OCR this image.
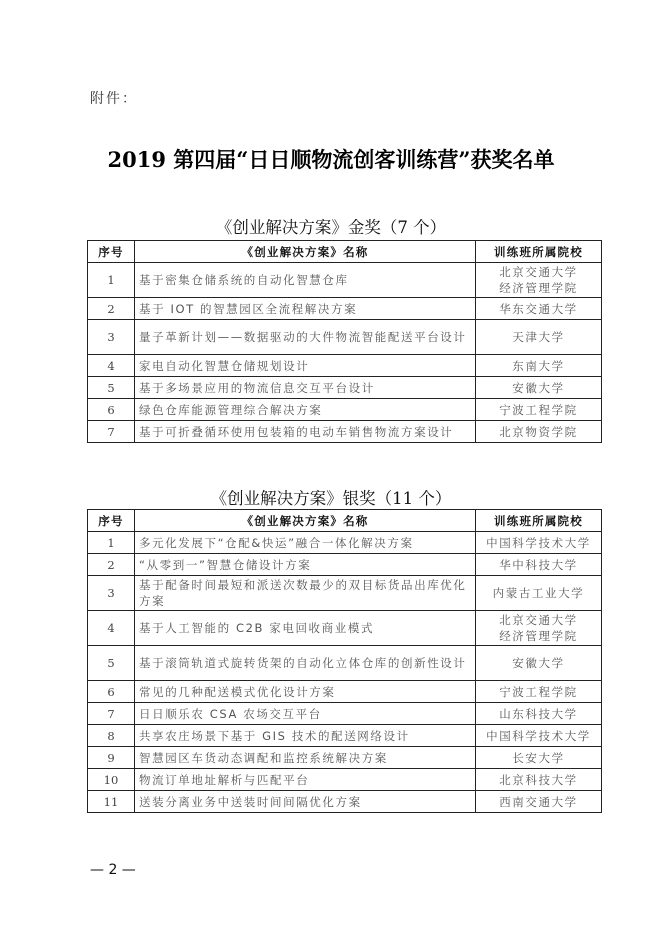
附件：
2019 第四届“日日顺物流创客训练营”获奖名单
《创业解决方案》金奖（7 个）
序号	《创业解决方案》名称	训练班所属院校
1	基于密集仓储系统的自动化智慧仓库	北京交通大学
经济管理学院

2	基于 IOT 的智慧园区全流程解决方案	华东交通大学
3	量子革新计划——数据驱动的大件物流智能配送平台设计	天津大学
4	家电自动化智慧仓储规划设计	东南大学
5	基于多场景应用的物流信息交互平台设计	安徽大学
6	绿色仓库能源管理综合解决方案	宁波工程学院
7	基于可折叠循环使用包装箱的电动车销售物流方案设计	北京物资学院
《创业解决方案》银奖（11 个）
序号	《创业解决方案》名称	训练班所属院校
1	多元化发展下“仓配&快运”融合一体化解决方案	中国科学技术大学
2	“从零到一”智慧仓储设计方案	华中科技大学
3	基于配备时间最短和派送次数最少的双目标货品出库优化方案	内蒙古工业大学
4	基于人工智能的 C2B 家电回收商业模式	北京交通大学
经济管理学院

5	基于滚筒轨道式旋转货架的自动化立体仓库的创新性设计	安徽大学
6	常见的几种配送模式优化设计方案	宁波工程学院
7	日日顺乐农 CSA 农场交互平台	山东科技大学
8	共享农庄场景下基于 GIS 技术的配送网络设计	中国科学技术大学
9	智慧园区车货动态调配和监控系统解决方案	长安大学
10	物流订单地址解析与匹配平台	北京科技大学
11	送装分离业务中送装时间间隔优化方案	西南交通大学
— 2 —
